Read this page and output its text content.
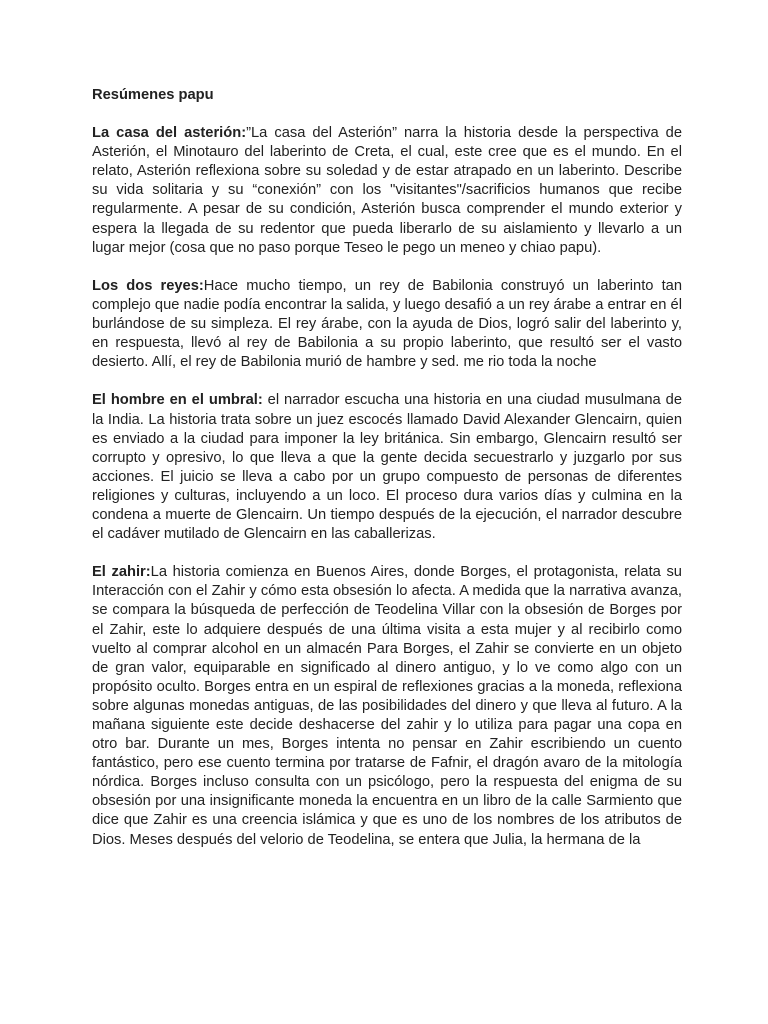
Resúmenes papu

La casa del asterión:”La casa del Asterión” narra la historia desde la perspectiva de Asterión, el Minotauro del laberinto de Creta, el cual, este cree que es el mundo. En el relato, Asterión reflexiona sobre su soledad y de estar atrapado en un laberinto. Describe su vida solitaria y su “conexión” con los "visitantes"/sacrificios humanos que recibe regularmente. A pesar de su condición, Asterión busca comprender el mundo exterior y espera la llegada de su redentor que pueda liberarlo de su aislamiento y llevarlo a un lugar mejor (cosa que no paso porque Teseo le pego un meneo y chiao papu).

Los dos reyes:Hace mucho tiempo, un rey de Babilonia construyó un laberinto tan complejo que nadie podía encontrar la salida, y luego desafió a un rey árabe a entrar en él burlándose de su simpleza. El rey árabe, con la ayuda de Dios, logró salir del laberinto y, en respuesta, llevó al rey de Babilonia a su propio laberinto, que resultó ser el vasto desierto. Allí, el rey de Babilonia murió de hambre y sed. me rio toda la noche

El hombre en el umbral: el narrador escucha una historia en una ciudad musulmana de la India. La historia trata sobre un juez escocés llamado David Alexander Glencairn, quien es enviado a la ciudad para imponer la ley británica. Sin embargo, Glencairn resultó ser corrupto y opresivo, lo que lleva a que la gente decida secuestrarlo y juzgarlo por sus acciones. El juicio se lleva a cabo por un grupo compuesto de personas de diferentes religiones y culturas, incluyendo a un loco. El proceso dura varios días y culmina en la condena a muerte de Glencairn. Un tiempo después de la ejecución, el narrador descubre el cadáver mutilado de Glencairn en las caballerizas.

El zahir:La historia comienza en Buenos Aires, donde Borges, el protagonista, relata su Interacción con el Zahir y cómo esta obsesión lo afecta. A medida que la narrativa avanza, se compara la búsqueda de perfección de Teodelina Villar con la obsesión de Borges por el Zahir, este lo adquiere después de una última visita a esta mujer y al recibirlo como vuelto al comprar alcohol en un almacén Para Borges, el Zahir se convierte en un objeto de gran valor, equiparable en significado al dinero antiguo, y lo ve como algo con un propósito oculto. Borges entra en un espiral de reflexiones gracias a la moneda, reflexiona sobre algunas monedas antiguas, de las posibilidades del dinero y que lleva al futuro. A la mañana siguiente este decide deshacerse del zahir y lo utiliza para pagar una copa en otro bar. Durante un mes, Borges intenta no pensar en Zahir escribiendo un cuento fantástico, pero ese cuento termina por tratarse de Fafnir, el dragón avaro de la mitología nórdica. Borges incluso consulta con un psicólogo, pero la respuesta del enigma de su obsesión por una insignificante moneda la encuentra en un libro de la calle Sarmiento que dice que Zahir es una creencia islámica y que es uno de los nombres de los atributos de Dios. Meses después del velorio de Teodelina, se entera que Julia, la hermana de la
